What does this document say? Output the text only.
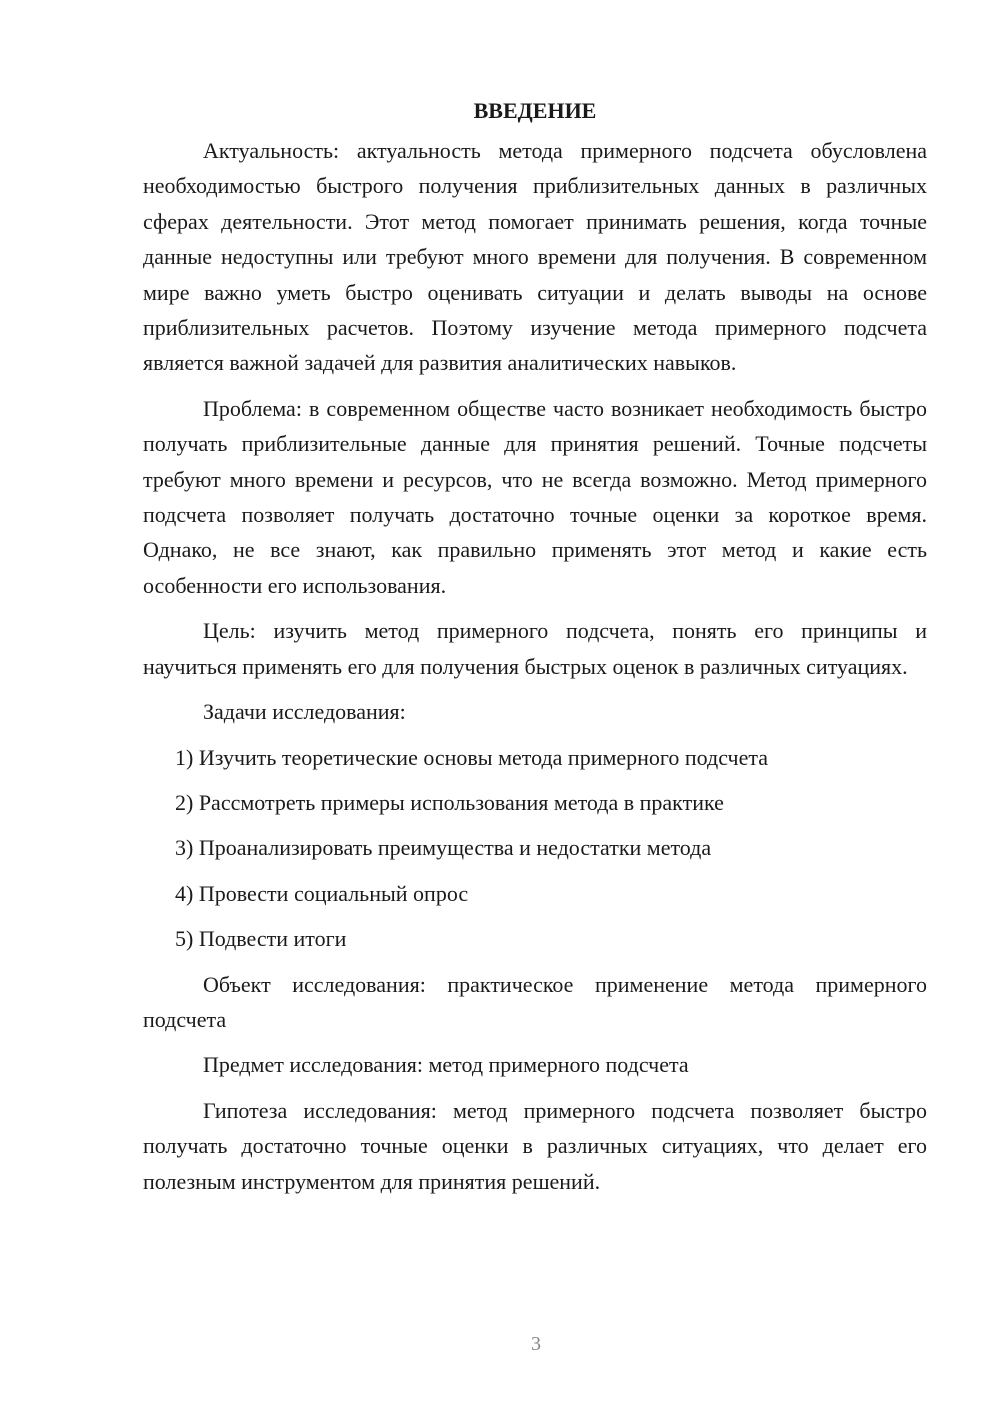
ВВЕДЕНИЕ

Актуальность: актуальность метода примерного подсчета обусловлена необходимостью быстрого получения приблизительных данных в различных сферах деятельности. Этот метод помогает принимать решения, когда точные данные недоступны или требуют много времени для получения. В современном мире важно уметь быстро оценивать ситуации и делать выводы на основе приблизительных расчетов. Поэтому изучение метода примерного подсчета является важной задачей для развития аналитических навыков.

Проблема: в современном обществе часто возникает необходимость быстро получать приблизительные данные для принятия решений. Точные подсчеты требуют много времени и ресурсов, что не всегда возможно. Метод примерного подсчета позволяет получать достаточно точные оценки за короткое время. Однако, не все знают, как правильно применять этот метод и какие есть особенности его использования.

Цель: изучить метод примерного подсчета, понять его принципы и научиться применять его для получения быстрых оценок в различных ситуациях.

Задачи исследования:

1) Изучить теоретические основы метода примерного подсчета
2) Рассмотреть примеры использования метода в практике
3) Проанализировать преимущества и недостатки метода
4) Провести социальный опрос
5) Подвести итоги

Объект исследования: практическое применение метода примерного подсчета

Предмет исследования: метод примерного подсчета

Гипотеза исследования: метод примерного подсчета позволяет быстро получать достаточно точные оценки в различных ситуациях, что делает его полезным инструментом для принятия решений.

3
